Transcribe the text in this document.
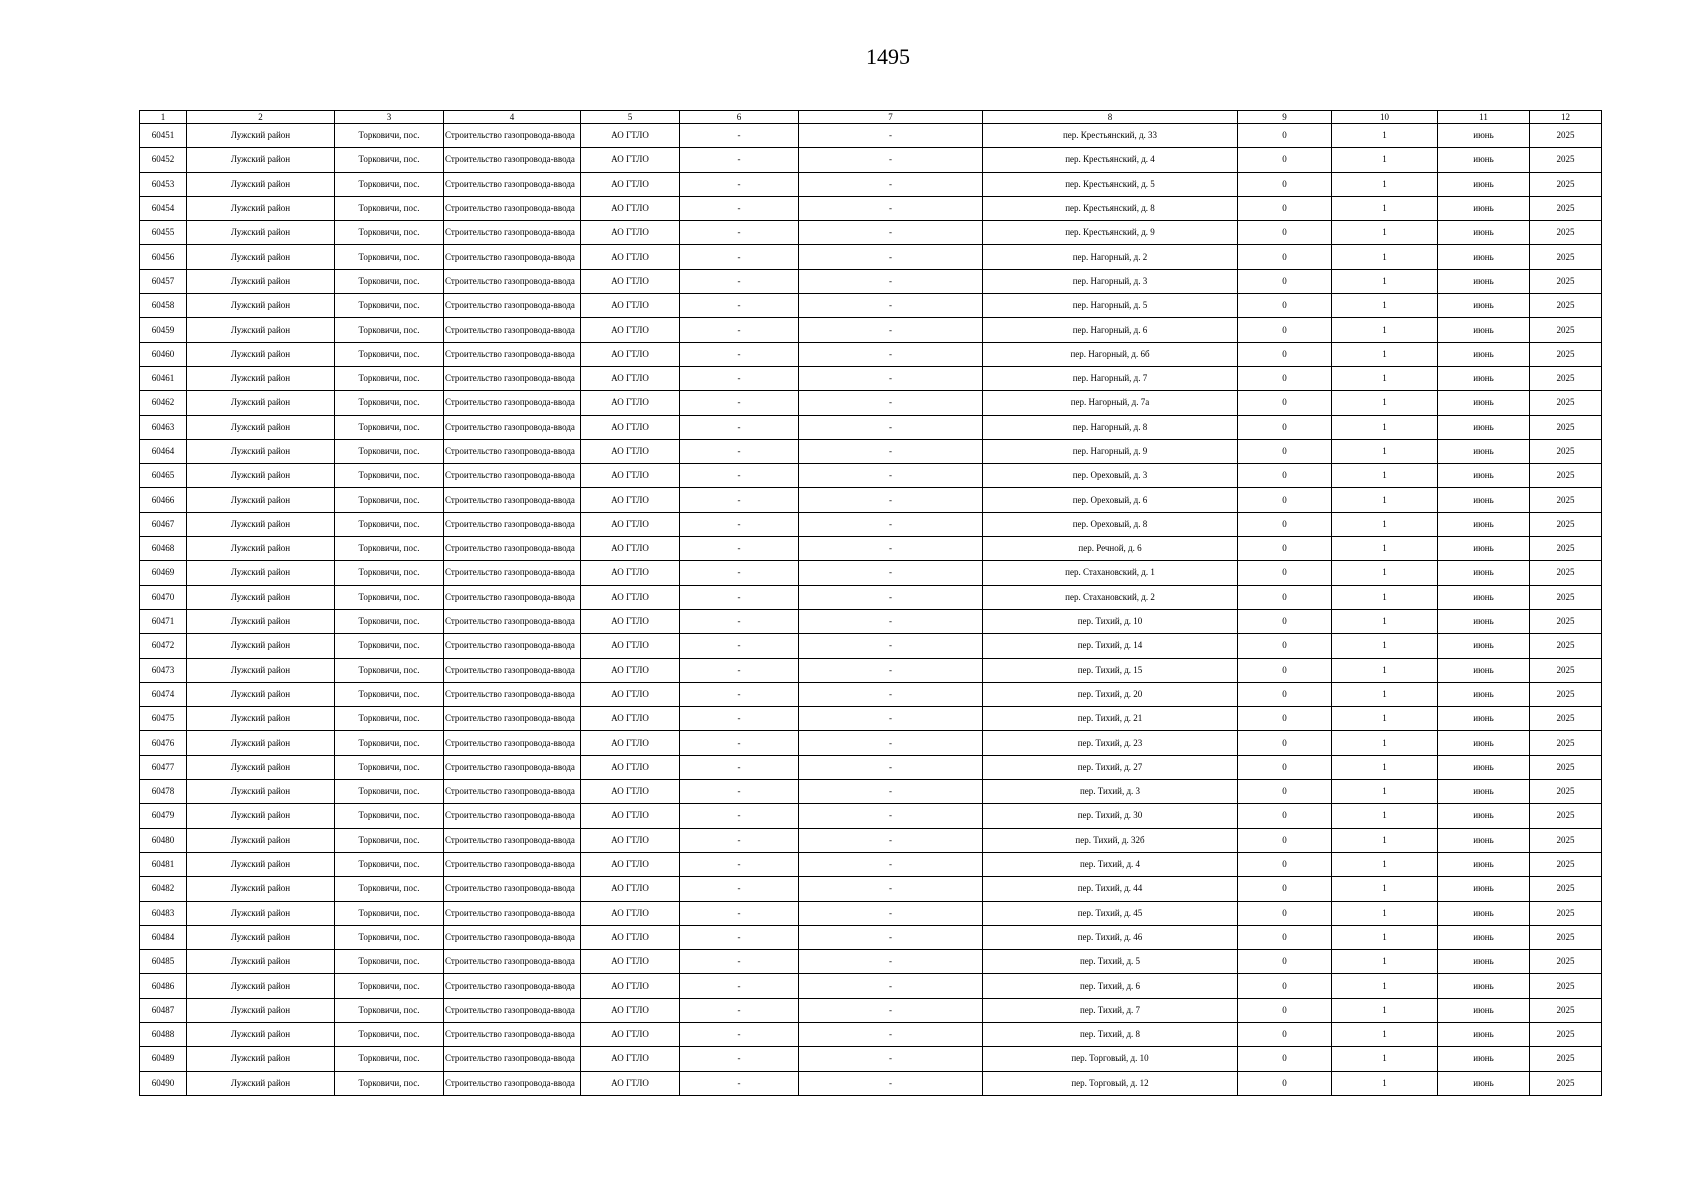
1495
1	2	3	4	5	6	7	8	9	10	11	12
60451	Лужский район	Торковичи, пос.	Строительство газопровода-ввода	АО ГТЛО	-	-	пер. Крестьянский, д. 33	0	1	июнь	2025
60452	Лужский район	Торковичи, пос.	Строительство газопровода-ввода	АО ГТЛО	-	-	пер. Крестьянский, д. 4	0	1	июнь	2025
60453	Лужский район	Торковичи, пос.	Строительство газопровода-ввода	АО ГТЛО	-	-	пер. Крестьянский, д. 5	0	1	июнь	2025
60454	Лужский район	Торковичи, пос.	Строительство газопровода-ввода	АО ГТЛО	-	-	пер. Крестьянский, д. 8	0	1	июнь	2025
60455	Лужский район	Торковичи, пос.	Строительство газопровода-ввода	АО ГТЛО	-	-	пер. Крестьянский, д. 9	0	1	июнь	2025
60456	Лужский район	Торковичи, пос.	Строительство газопровода-ввода	АО ГТЛО	-	-	пер. Нагорный, д. 2	0	1	июнь	2025
60457	Лужский район	Торковичи, пос.	Строительство газопровода-ввода	АО ГТЛО	-	-	пер. Нагорный, д. 3	0	1	июнь	2025
60458	Лужский район	Торковичи, пос.	Строительство газопровода-ввода	АО ГТЛО	-	-	пер. Нагорный, д. 5	0	1	июнь	2025
60459	Лужский район	Торковичи, пос.	Строительство газопровода-ввода	АО ГТЛО	-	-	пер. Нагорный, д. 6	0	1	июнь	2025
60460	Лужский район	Торковичи, пос.	Строительство газопровода-ввода	АО ГТЛО	-	-	пер. Нагорный, д. 6б	0	1	июнь	2025
60461	Лужский район	Торковичи, пос.	Строительство газопровода-ввода	АО ГТЛО	-	-	пер. Нагорный, д. 7	0	1	июнь	2025
60462	Лужский район	Торковичи, пос.	Строительство газопровода-ввода	АО ГТЛО	-	-	пер. Нагорный, д. 7а	0	1	июнь	2025
60463	Лужский район	Торковичи, пос.	Строительство газопровода-ввода	АО ГТЛО	-	-	пер. Нагорный, д. 8	0	1	июнь	2025
60464	Лужский район	Торковичи, пос.	Строительство газопровода-ввода	АО ГТЛО	-	-	пер. Нагорный, д. 9	0	1	июнь	2025
60465	Лужский район	Торковичи, пос.	Строительство газопровода-ввода	АО ГТЛО	-	-	пер. Ореховый, д. 3	0	1	июнь	2025
60466	Лужский район	Торковичи, пос.	Строительство газопровода-ввода	АО ГТЛО	-	-	пер. Ореховый, д. 6	0	1	июнь	2025
60467	Лужский район	Торковичи, пос.	Строительство газопровода-ввода	АО ГТЛО	-	-	пер. Ореховый, д. 8	0	1	июнь	2025
60468	Лужский район	Торковичи, пос.	Строительство газопровода-ввода	АО ГТЛО	-	-	пер. Речной, д. 6	0	1	июнь	2025
60469	Лужский район	Торковичи, пос.	Строительство газопровода-ввода	АО ГТЛО	-	-	пер. Стахановский, д. 1	0	1	июнь	2025
60470	Лужский район	Торковичи, пос.	Строительство газопровода-ввода	АО ГТЛО	-	-	пер. Стахановский, д. 2	0	1	июнь	2025
60471	Лужский район	Торковичи, пос.	Строительство газопровода-ввода	АО ГТЛО	-	-	пер. Тихий, д. 10	0	1	июнь	2025
60472	Лужский район	Торковичи, пос.	Строительство газопровода-ввода	АО ГТЛО	-	-	пер. Тихий, д. 14	0	1	июнь	2025
60473	Лужский район	Торковичи, пос.	Строительство газопровода-ввода	АО ГТЛО	-	-	пер. Тихий, д. 15	0	1	июнь	2025
60474	Лужский район	Торковичи, пос.	Строительство газопровода-ввода	АО ГТЛО	-	-	пер. Тихий, д. 20	0	1	июнь	2025
60475	Лужский район	Торковичи, пос.	Строительство газопровода-ввода	АО ГТЛО	-	-	пер. Тихий, д. 21	0	1	июнь	2025
60476	Лужский район	Торковичи, пос.	Строительство газопровода-ввода	АО ГТЛО	-	-	пер. Тихий, д. 23	0	1	июнь	2025
60477	Лужский район	Торковичи, пос.	Строительство газопровода-ввода	АО ГТЛО	-	-	пер. Тихий, д. 27	0	1	июнь	2025
60478	Лужский район	Торковичи, пос.	Строительство газопровода-ввода	АО ГТЛО	-	-	пер. Тихий, д. 3	0	1	июнь	2025
60479	Лужский район	Торковичи, пос.	Строительство газопровода-ввода	АО ГТЛО	-	-	пер. Тихий, д. 30	0	1	июнь	2025
60480	Лужский район	Торковичи, пос.	Строительство газопровода-ввода	АО ГТЛО	-	-	пер. Тихий, д. 32б	0	1	июнь	2025
60481	Лужский район	Торковичи, пос.	Строительство газопровода-ввода	АО ГТЛО	-	-	пер. Тихий, д. 4	0	1	июнь	2025
60482	Лужский район	Торковичи, пос.	Строительство газопровода-ввода	АО ГТЛО	-	-	пер. Тихий, д. 44	0	1	июнь	2025
60483	Лужский район	Торковичи, пос.	Строительство газопровода-ввода	АО ГТЛО	-	-	пер. Тихий, д. 45	0	1	июнь	2025
60484	Лужский район	Торковичи, пос.	Строительство газопровода-ввода	АО ГТЛО	-	-	пер. Тихий, д. 46	0	1	июнь	2025
60485	Лужский район	Торковичи, пос.	Строительство газопровода-ввода	АО ГТЛО	-	-	пер. Тихий, д. 5	0	1	июнь	2025
60486	Лужский район	Торковичи, пос.	Строительство газопровода-ввода	АО ГТЛО	-	-	пер. Тихий, д. 6	0	1	июнь	2025
60487	Лужский район	Торковичи, пос.	Строительство газопровода-ввода	АО ГТЛО	-	-	пер. Тихий, д. 7	0	1	июнь	2025
60488	Лужский район	Торковичи, пос.	Строительство газопровода-ввода	АО ГТЛО	-	-	пер. Тихий, д. 8	0	1	июнь	2025
60489	Лужский район	Торковичи, пос.	Строительство газопровода-ввода	АО ГТЛО	-	-	пер. Торговый, д. 10	0	1	июнь	2025
60490	Лужский район	Торковичи, пос.	Строительство газопровода-ввода	АО ГТЛО	-	-	пер. Торговый, д. 12	0	1	июнь	2025
